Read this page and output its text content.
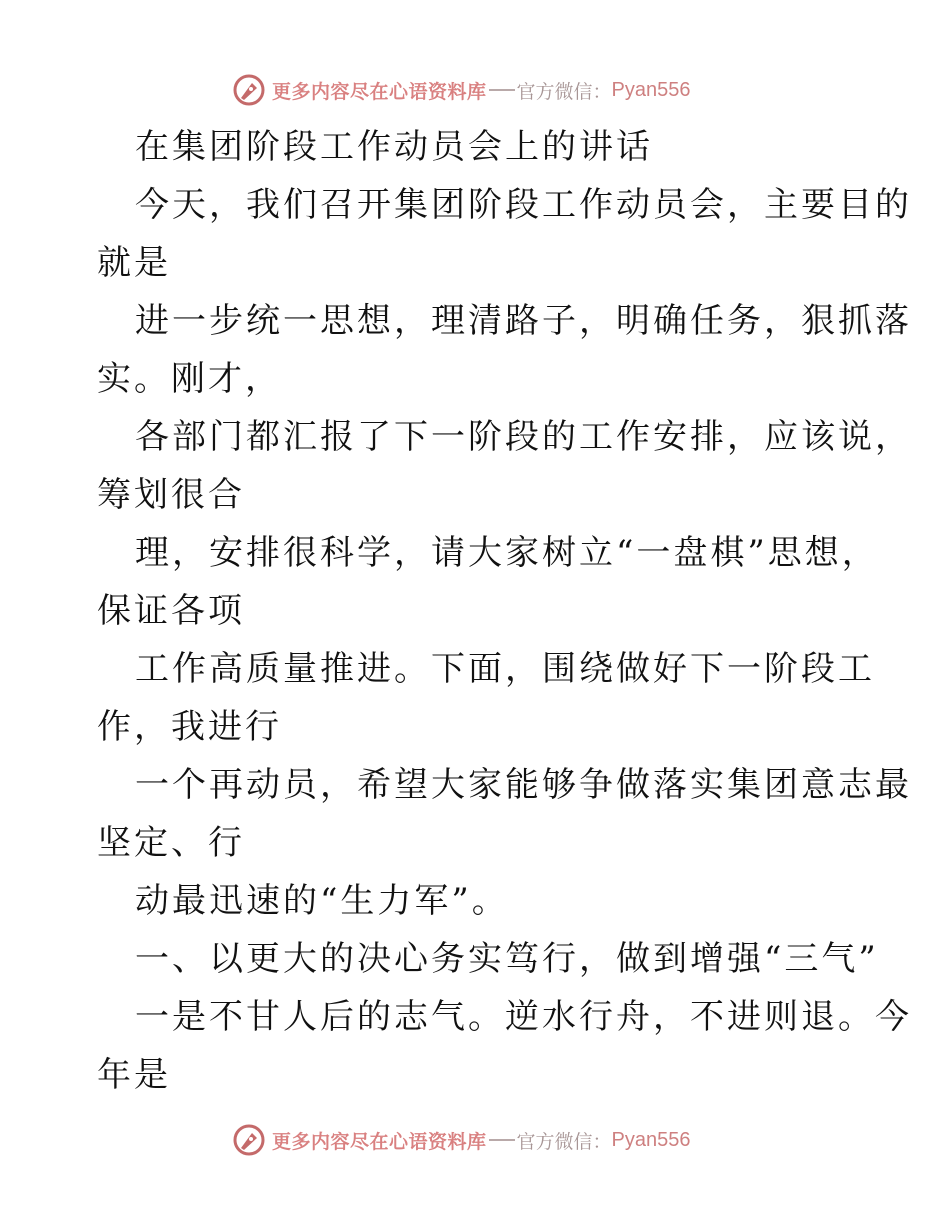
更多内容尽在心语资料库 官方微信： Pyan556
在集团阶段工作动员会上的讲话
今天，我们召开集团阶段工作动员会，主要目的
就是
进一步统一思想，理清路子，明确任务，狠抓落
实。刚才，
各部门都汇报了下一阶段的工作安排，应该说，
筹划很合
理，安排很科学，请大家树立“一盘棋”思想，
保证各项
工作高质量推进。下面，围绕做好下一阶段工
作，我进行
一个再动员，希望大家能够争做落实集团意志最
坚定、行
动最迅速的“生力军”。
一、以更大的决心务实笃行，做到增强“三气”
一是不甘人后的志气。逆水行舟，不进则退。今
年是
更多内容尽在心语资料库 官方微信： Pyan556
